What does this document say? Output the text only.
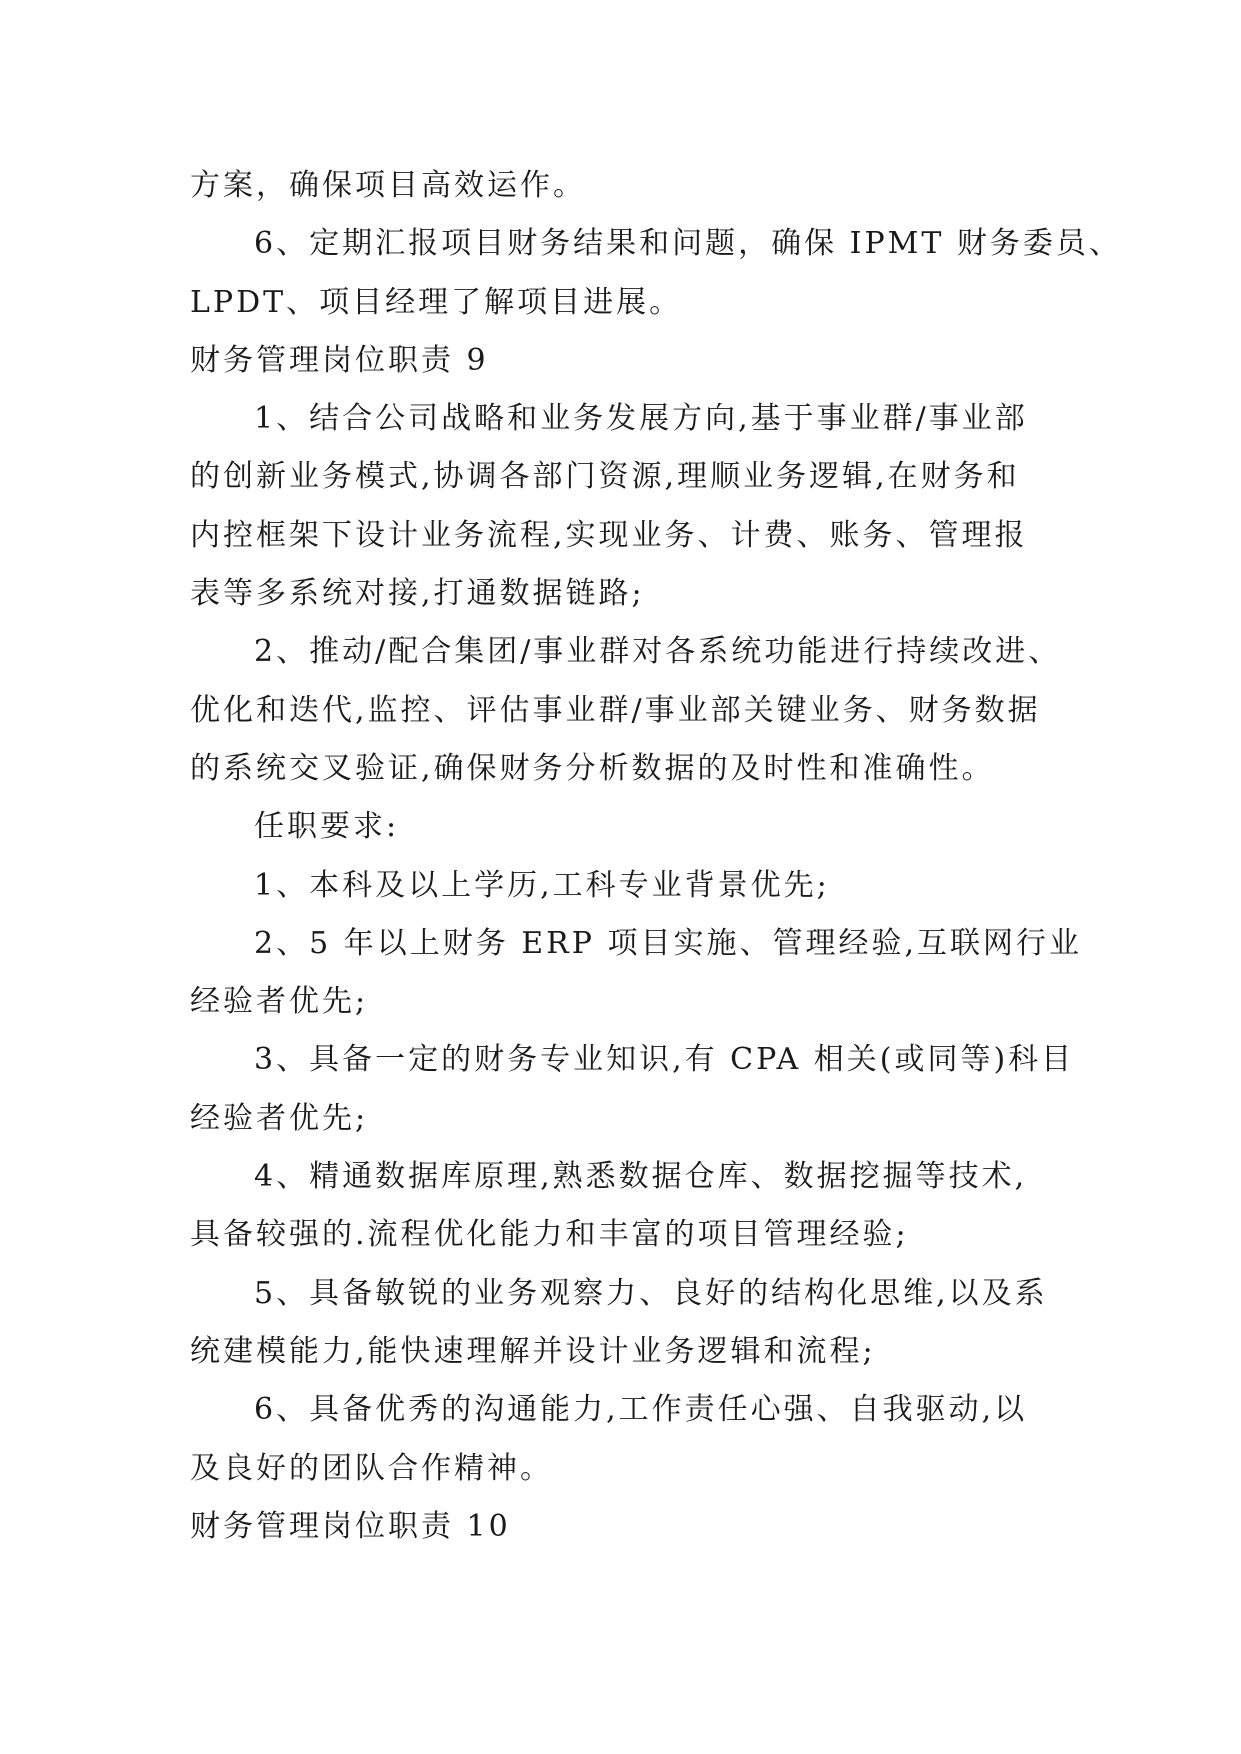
方案，确保项目高效运作。
6、定期汇报项目财务结果和问题，确保 IPMT 财务委员、
LPDT、项目经理了解项目进展。
财务管理岗位职责 9
1、结合公司战略和业务发展方向,基于事业群/事业部
的创新业务模式,协调各部门资源,理顺业务逻辑,在财务和
内控框架下设计业务流程,实现业务、计费、账务、管理报
表等多系统对接,打通数据链路;
2、推动/配合集团/事业群对各系统功能进行持续改进、
优化和迭代,监控、评估事业群/事业部关键业务、财务数据
的系统交叉验证,确保财务分析数据的及时性和准确性。
任职要求:
1、本科及以上学历,工科专业背景优先;
2、5 年以上财务 ERP 项目实施、管理经验,互联网行业
经验者优先;
3、具备一定的财务专业知识,有 CPA 相关(或同等)科目
经验者优先;
4、精通数据库原理,熟悉数据仓库、数据挖掘等技术,
具备较强的.流程优化能力和丰富的项目管理经验;
5、具备敏锐的业务观察力、良好的结构化思维,以及系
统建模能力,能快速理解并设计业务逻辑和流程;
6、具备优秀的沟通能力,工作责任心强、自我驱动,以
及良好的团队合作精神。
财务管理岗位职责 10
